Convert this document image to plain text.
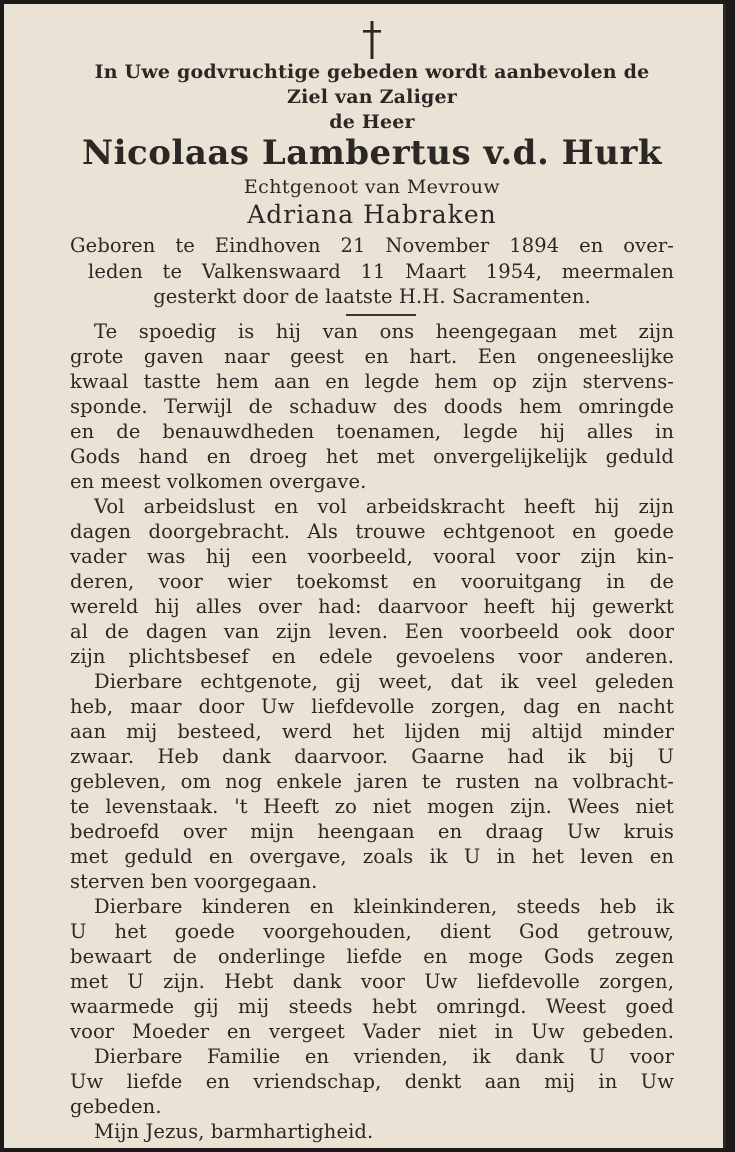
In Uwe godvruchtige gebeden wordt aanbevolen de
Ziel van Zaliger
de Heer
Nicolaas Lambertus v.d. Hurk
Echtgenoot van Mevrouw
Adriana Habraken
Geboren te Eindhoven 21 November 1894 en over-
leden te Valkenswaard 11 Maart 1954, meermalen
gesterkt door de laatste H.H. Sacramenten.
Te spoedig is hij van ons heengegaan met zijn
grote gaven naar geest en hart. Een ongeneeslijke
kwaal tastte hem aan en legde hem op zijn stervens-
sponde. Terwijl de schaduw des doods hem omringde
en de benauwdheden toenamen, legde hij alles in
Gods hand en droeg het met onvergelijkelijk geduld
en meest volkomen overgave.
Vol arbeidslust en vol arbeidskracht heeft hij zijn
dagen doorgebracht. Als trouwe echtgenoot en goede
vader was hij een voorbeeld, vooral voor zijn kin-
deren, voor wier toekomst en vooruitgang in de
wereld hij alles over had: daarvoor heeft hij gewerkt
al de dagen van zijn leven. Een voorbeeld ook door
zijn plichtsbesef en edele gevoelens voor anderen.
Dierbare echtgenote, gij weet, dat ik veel geleden
heb, maar door Uw liefdevolle zorgen, dag en nacht
aan mij besteed, werd het lijden mij altijd minder
zwaar. Heb dank daarvoor. Gaarne had ik bij U
gebleven, om nog enkele jaren te rusten na volbracht-
te levenstaak. 't Heeft zo niet mogen zijn. Wees niet
bedroefd over mijn heengaan en draag Uw kruis
met geduld en overgave, zoals ik U in het leven en
sterven ben voorgegaan.
Dierbare kinderen en kleinkinderen, steeds heb ik
U het goede voorgehouden, dient God getrouw,
bewaart de onderlinge liefde en moge Gods zegen
met U zijn. Hebt dank voor Uw liefdevolle zorgen,
waarmede gij mij steeds hebt omringd. Weest goed
voor Moeder en vergeet Vader niet in Uw gebeden.
Dierbare Familie en vrienden, ik dank U voor
Uw liefde en vriendschap, denkt aan mij in Uw
gebeden.
Mijn Jezus, barmhartigheid.
